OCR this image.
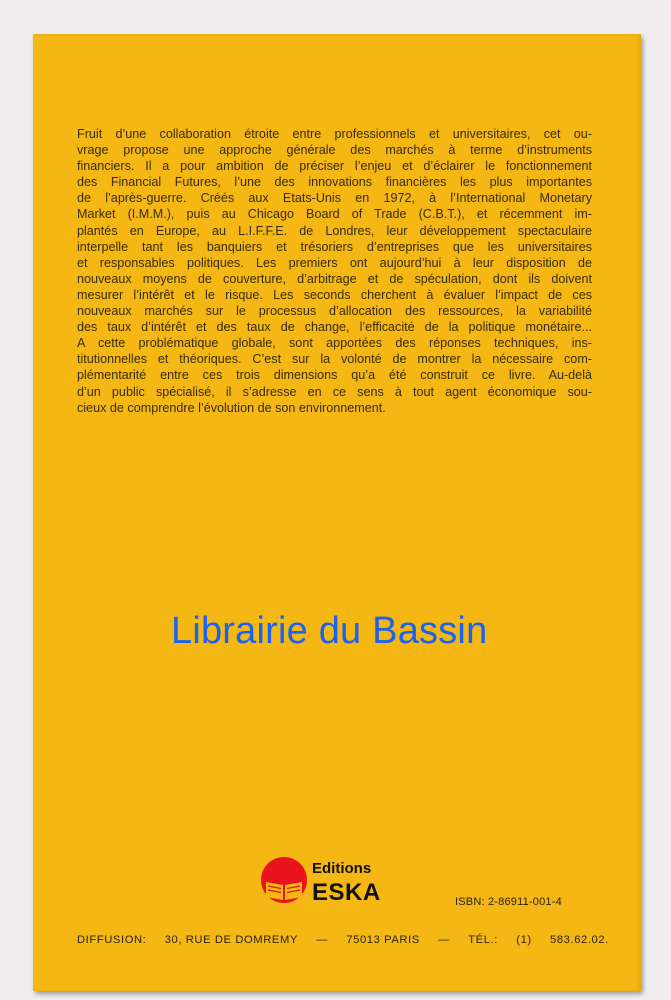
Fruit d’une collaboration étroite entre professionnels et universitaires, cet ou-
vrage propose une approche générale des marchés à terme d’instruments
financiers. Il a pour ambition de préciser l’enjeu et d’éclairer le fonctionnement
des Financial Futures, l’une des innovations financières les plus importantes
de l’après-guerre. Créés aux Etats-Unis en 1972, à l’International Monetary
Market (I.M.M.), puis au Chicago Board of Trade (C.B.T.), et récemment im-
plantés en Europe, au L.I.F.F.E. de Londres, leur développement spectaculaire
interpelle tant les banquiers et trésoriers d’entreprises que les universitaires
et responsables politiques. Les premiers ont aujourd’hui à leur disposition de
nouveaux moyens de couverture, d’arbitrage et de spéculation, dont ils doivent
mesurer l’intérêt et le risque. Les seconds cherchent à évaluer l’impact de ces
nouveaux marchés sur le processus d’allocation des ressources, la variabilité
des taux d’intérêt et des taux de change, l’efficacité de la politique monétaire...
A cette problématique globale, sont apportées des réponses techniques, ins-
titutionnelles et théoriques. C’est sur la volonté de montrer la nécessaire com-
plémentarité entre ces trois dimensions qu’a été construit ce livre. Au-delà
d’un public spécialisé, il s’adresse en ce sens à tout agent économique sou-
cieux de comprendre l’évolution de son environnement.
Librairie du Bassin
Editions
ESKA	ISBN: 2-86911-001-4
DIFFUSION: 30, RUE DE DOMREMY — 75013 PARIS — TÉL.: (1) 583.62.02.
